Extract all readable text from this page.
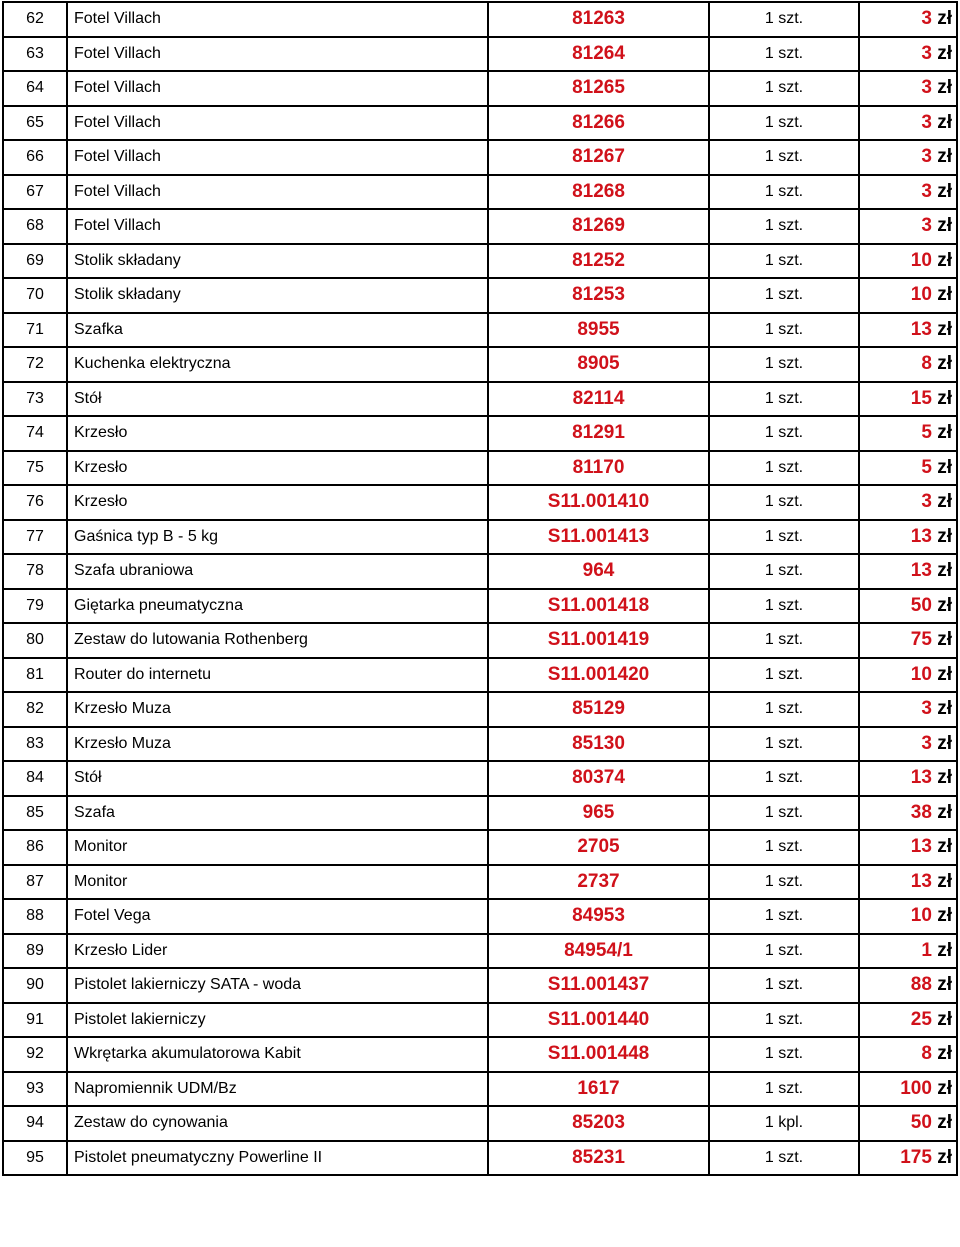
62	Fotel Villach	81263	1 szt.	3 zł
63	Fotel Villach	81264	1 szt.	3 zł
64	Fotel Villach	81265	1 szt.	3 zł
65	Fotel Villach	81266	1 szt.	3 zł
66	Fotel Villach	81267	1 szt.	3 zł
67	Fotel Villach	81268	1 szt.	3 zł
68	Fotel Villach	81269	1 szt.	3 zł
69	Stolik składany	81252	1 szt.	10 zł
70	Stolik składany	81253	1 szt.	10 zł
71	Szafka	8955	1 szt.	13 zł
72	Kuchenka elektryczna	8905	1 szt.	8 zł
73	Stół	82114	1 szt.	15 zł
74	Krzesło	81291	1 szt.	5 zł
75	Krzesło	81170	1 szt.	5 zł
76	Krzesło	S11.001410	1 szt.	3 zł
77	Gaśnica typ B - 5 kg	S11.001413	1 szt.	13 zł
78	Szafa ubraniowa	964	1 szt.	13 zł
79	Giętarka pneumatyczna	S11.001418	1 szt.	50 zł
80	Zestaw do lutowania Rothenberg	S11.001419	1 szt.	75 zł
81	Router do internetu	S11.001420	1 szt.	10 zł
82	Krzesło Muza	85129	1 szt.	3 zł
83	Krzesło Muza	85130	1 szt.	3 zł
84	Stół	80374	1 szt.	13 zł
85	Szafa	965	1 szt.	38 zł
86	Monitor	2705	1 szt.	13 zł
87	Monitor	2737	1 szt.	13 zł
88	Fotel Vega	84953	1 szt.	10 zł
89	Krzesło Lider	84954/1	1 szt.	1 zł
90	Pistolet lakierniczy SATA - woda	S11.001437	1 szt.	88 zł
91	Pistolet lakierniczy	S11.001440	1 szt.	25 zł
92	Wkrętarka akumulatorowa Kabit	S11.001448	1 szt.	8 zł
93	Napromiennik UDM/Bz	1617	1 szt.	100 zł
94	Zestaw do cynowania	85203	1 kpl.	50 zł
95	Pistolet pneumatyczny Powerline II	85231	1 szt.	175 zł
